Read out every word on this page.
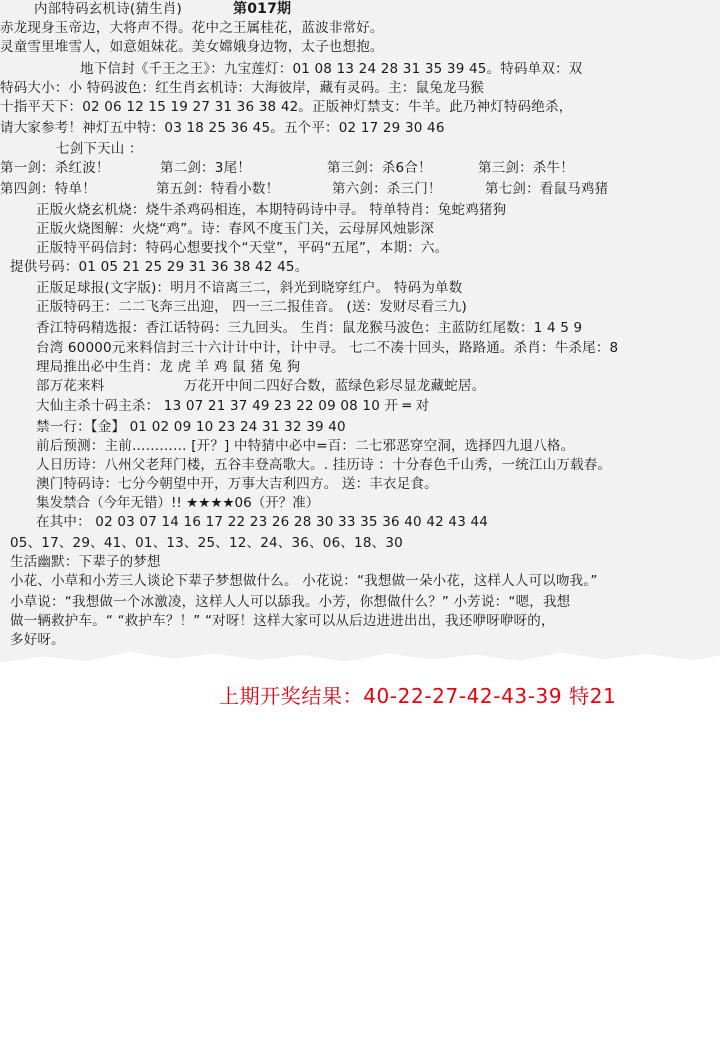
内部特码玄机诗(猜生肖)	第017期
赤龙现身玉帝边，大将声不得。花中之王属桂花，蓝波非常好。
灵童雪里堆雪人，如意姐妹花。美女嫦娥身边物，太子也想抱。
地下信封《千王之王》：九宝莲灯：01 08 13 24 28 31 35 39 45。特码单双：双
特码大小：小 特码波色：红生肖玄机诗：大海彼岸，藏有灵码。主：鼠兔龙马猴
十指平天下：02 06 12 15 19 27 31 36 38 42。正版神灯禁支：牛羊。此乃神灯特码绝杀，
请大家参考！神灯五中特：03 18 25 36 45。五个平：02 17 29 30 46
七剑下天山 ：
第一剑：杀红波！	第二剑：3尾！	第三剑：杀6合！	第三剑：杀牛！
第四剑：特单！	第五剑：特看小数！	第六剑：杀三门！	第七剑：看鼠马鸡猪
正版火烧玄机烧：烧牛杀鸡码相连，本期特码诗中寻。 特单特肖：兔蛇鸡猪狗
正版火烧图解：火烧“鸡”。诗：春风不度玉门关，云母屏风烛影深
正版特平码信封：特码心想要找个“天堂”，平码“五尾”，本期：六。
提供号码：01 05 21 25 29 31 36 38 42 45。
正版足球报(文字版)：明月不谙离三二，斜光到晓穿红户。 特码为单数
正版特码王：二二飞奔三出迎， 四一三二报佳音。 (送：发财尽看三九)
香江特码精选报：香江话特码：三九回头。 生肖：鼠龙猴马波色：主蓝防红尾数：1 4 5 9
台湾 60000元来料信封三十六计计中计，计中寻。 七二不凑十回头，路路通。杀肖：牛杀尾：8
理局推出必中生肖：龙 虎 羊 鸡 鼠 猪 兔 狗
部万花来料	万花开中间二四好合数，蓝绿色彩尽显龙藏蛇居。
大仙主杀十码主杀： 13 07 21 37 49 23 22 09 08 10 开 ═ 对
禁一行：【金】 01 02 09 10 23 24 31 32 39 40
前后预测：主前………… [开？] 中特猜中必中=百：二七邪恶穿空洞，选择四九退八格。
人日历诗：八州父老拜门楼，五谷丰登高歌大。. 挂历诗 ：十分春色千山秀，一统江山万载春。
澳门特码诗：七分今朝望中开，万事大吉利四方。 送：丰衣足食。
集发禁合（今年无错）!! ★★★★06（开？准）
在其中： 02 03 07 14 16 17 22 23 26 28 30 33 35 36 40 42 43 44
05、17、29、41、01、13、25、12、24、36、06、18、30
生活幽默：下辈子的梦想
小花、小草和小芳三人谈论下辈子梦想做什么。 小花说：“我想做一朵小花，这样人人可以吻我。”
小草说：“我想做一个冰激凌，这样人人可以舔我。小芳，你想做什么？” 小芳说：“嗯，我想
做一辆救护车。“ “救护车？！” “对呀！这样大家可以从后边进进出出，我还咿呀咿呀的，
多好呀。
上期开奖结果：40-22-27-42-43-39 特21
